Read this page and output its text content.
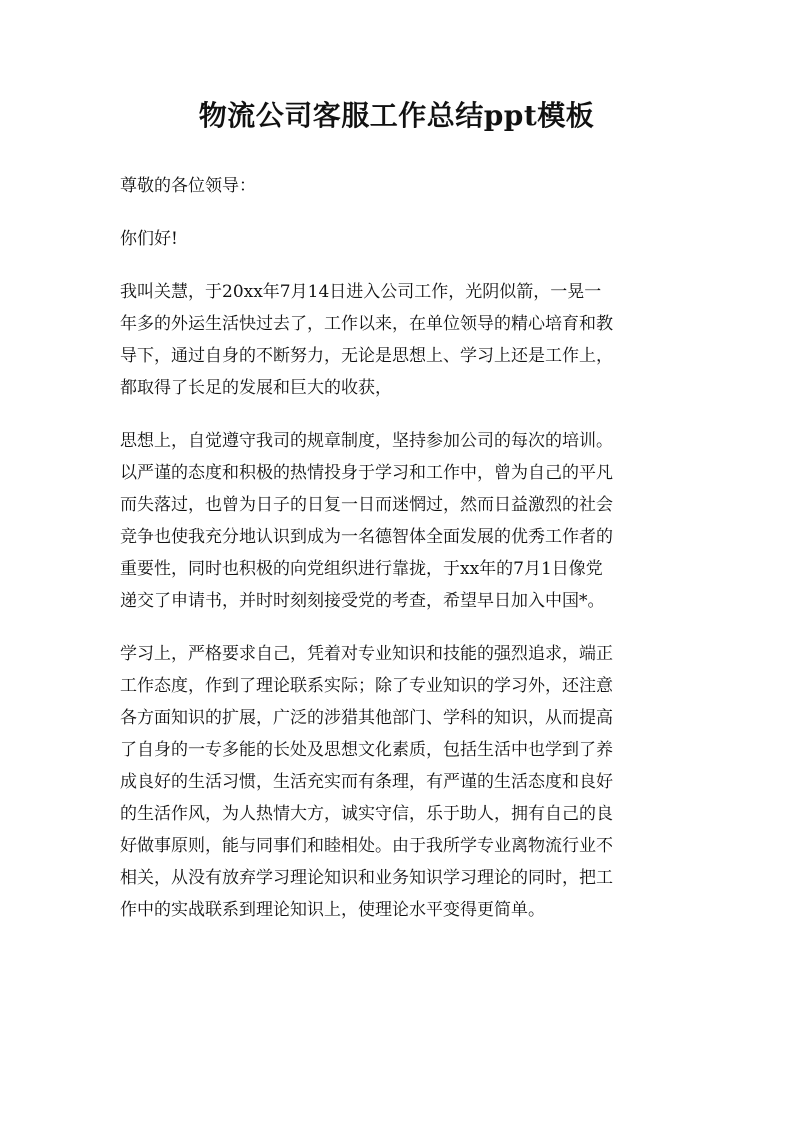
物流公司客服工作总结ppt模板

尊敬的各位领导：

你们好!

我叫关慧，于20xx年7月14日进入公司工作，光阴似箭，一晃一
年多的外运生活快过去了，工作以来，在单位领导的精心培育和教
导下，通过自身的不断努力，无论是思想上、学习上还是工作上，
都取得了长足的发展和巨大的收获，

思想上，自觉遵守我司的规章制度，坚持参加公司的每次的培训。
以严谨的态度和积极的热情投身于学习和工作中，曾为自己的平凡
而失落过，也曾为日子的日复一日而迷惘过，然而日益激烈的社会
竞争也使我充分地认识到成为一名德智体全面发展的优秀工作者的
重要性，同时也积极的向党组织进行靠拢，于xx年的7月1日像党
递交了申请书，并时时刻刻接受党的考查，希望早日加入中国*。

学习上，严格要求自己，凭着对专业知识和技能的强烈追求，端正
工作态度，作到了理论联系实际；除了专业知识的学习外，还注意
各方面知识的扩展，广泛的涉猎其他部门、学科的知识，从而提高
了自身的一专多能的长处及思想文化素质，包括生活中也学到了养
成良好的生活习惯，生活充实而有条理，有严谨的生活态度和良好
的生活作风，为人热情大方，诚实守信，乐于助人，拥有自己的良
好做事原则，能与同事们和睦相处。由于我所学专业离物流行业不
相关，从没有放弃学习理论知识和业务知识学习理论的同时，把工
作中的实战联系到理论知识上，使理论水平变得更简单。
